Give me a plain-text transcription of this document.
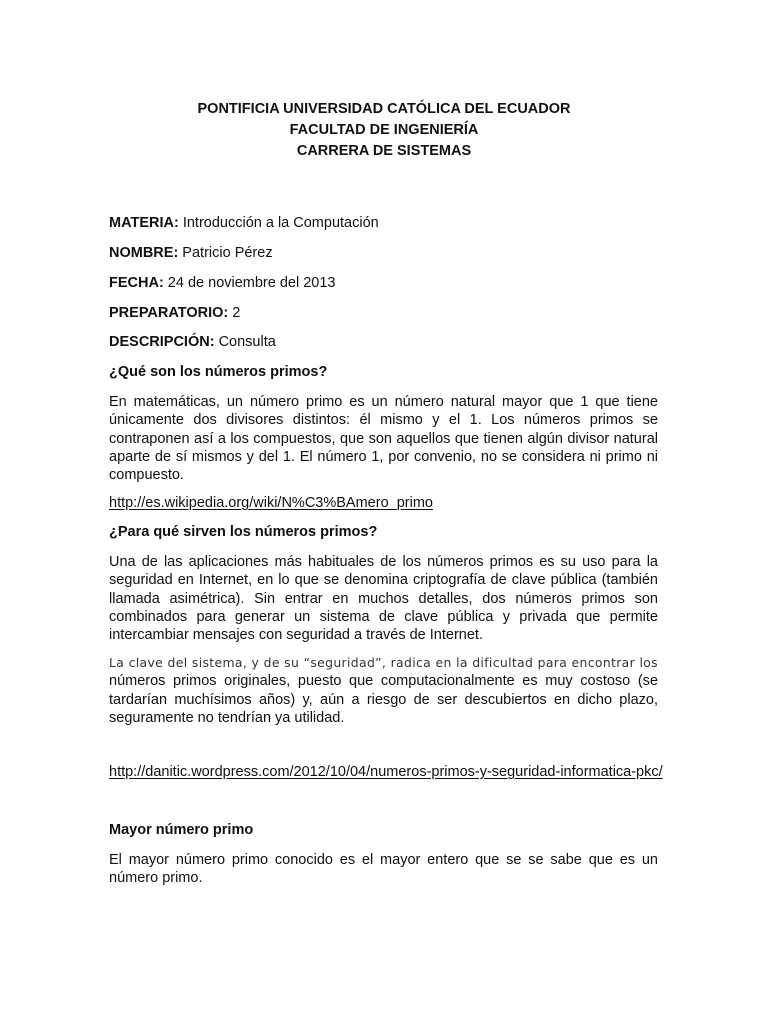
PONTIFICIA UNIVERSIDAD CATÓLICA DEL ECUADOR
FACULTAD DE INGENIERÍA
CARRERA DE SISTEMAS
MATERIA: Introducción a la Computación
NOMBRE: Patricio Pérez
FECHA: 24 de noviembre del 2013
PREPARATORIO: 2
DESCRIPCIÓN: Consulta
¿Qué son los números primos?
En matemáticas, un número primo es un número natural mayor que 1 que tiene únicamente dos divisores distintos: él mismo y el 1. Los números primos se contraponen así a los compuestos, que son aquellos que tienen algún divisor natural aparte de sí mismos y del 1. El número 1, por convenio, no se considera ni primo ni compuesto.
http://es.wikipedia.org/wiki/N%C3%BAmero_primo
¿Para qué sirven los números primos?
Una de las aplicaciones más habituales de los números primos es su uso para la seguridad en Internet, en lo que se denomina criptografía de clave pública (también llamada asimétrica). Sin entrar en muchos detalles, dos números primos son combinados para generar un sistema de clave pública y privada que permite intercambiar mensajes con seguridad a través de Internet.
La clave del sistema, y de su “seguridad”, radica en la dificultad para encontrar los
números primos originales, puesto que computacionalmente es muy costoso (se tardarían muchísimos años) y, aún a riesgo de ser descubiertos en dicho plazo, seguramente no tendrían ya utilidad.
http://danitic.wordpress.com/2012/10/04/numeros-primos-y-seguridad-informatica-pkc/
Mayor número primo
El mayor número primo conocido es el mayor entero que se se sabe que es un número primo.
